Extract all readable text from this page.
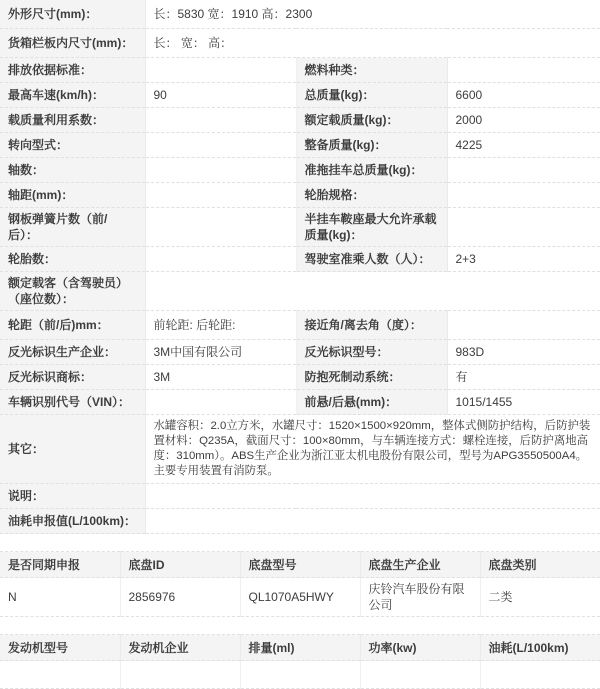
外形尺寸(mm)：	长：5830 宽：1910 高：2300		
货箱栏板内尺寸(mm)：	长： 宽： 高：		
排放依据标准：		燃料种类：	
最高车速(km/h)：	90	总质量(kg)：	6600
载质量利用系数：		额定载质量(kg)：	2000
转向型式：		整备质量(kg)：	4225
轴数：		准拖挂车总质量(kg)：	
轴距(mm)：		轮胎规格：	
钢板弹簧片数（前/后）：		半挂车鞍座最大允许承载质量(kg)：	
轮胎数：		驾驶室准乘人数（人）：	2+3
额定载客（含驾驶员）（座位数）：			
轮距（前/后)mm：	前轮距: 后轮距:	接近角/离去角（度）：	
反光标识生产企业：	3M中国有限公司	反光标识型号：	983D
反光标识商标：	3M	防抱死制动系统：	有
车辆识别代号（VIN）：		前悬/后悬(mm)：	1015/1455
其它：	水罐容积：2.0立方米，水罐尺寸：1520×1500×920mm，整体式侧防护结构，后防护装置材料：Q235A，截面尺寸：100×80mm，与车辆连接方式：螺栓连接，后防护离地高度：310mm）。ABS生产企业为浙江亚太机电股份有限公司，型号为APG3550500A4。主要专用装置有消防泵。		
说明：			
油耗申报值(L/100km)：			
是否同期申报	底盘ID	底盘型号	底盘生产企业	底盘类别
N	2856976	QL1070A5HWY	庆铃汽车股份有限公司	二类
发动机型号	发动机企业	排量(ml)	功率(kw)	油耗(L/100km)
